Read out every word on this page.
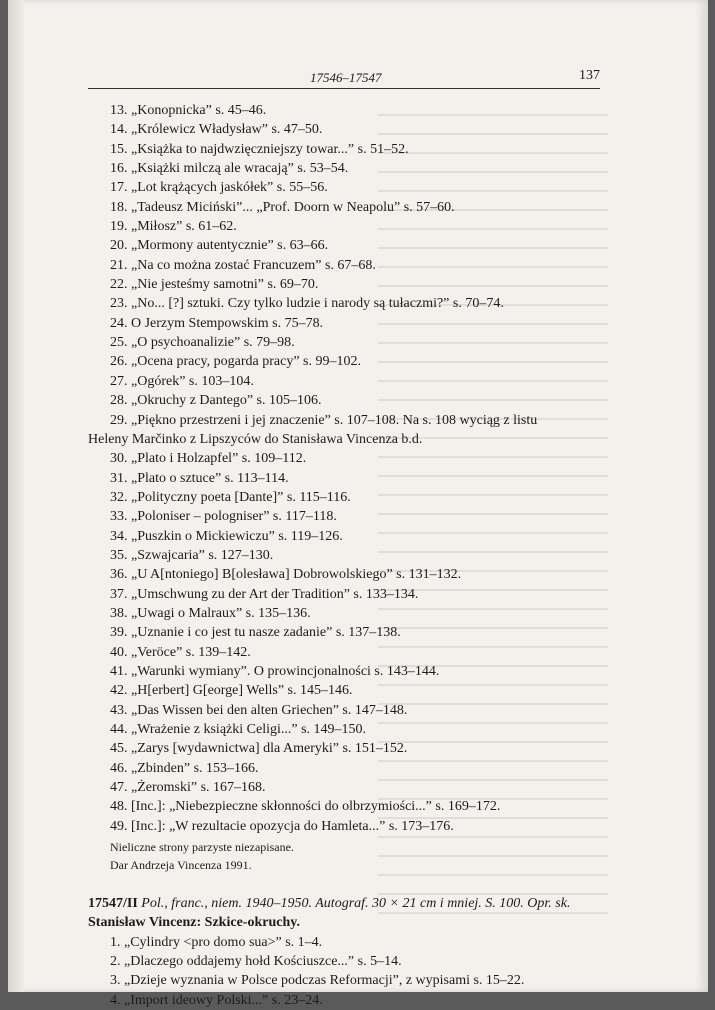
17546–17547	137
13. „Konopnicka” s. 45–46.
14. „Królewicz Władysław” s. 47–50.
15. „Książka to najdwzięczniejszy towar...” s. 51–52.
16. „Książki milczą ale wracają” s. 53–54.
17. „Lot krążących jaskółek” s. 55–56.
18. „Tadeusz Miciński”... „Prof. Doorn w Neapolu” s. 57–60.
19. „Miłosz” s. 61–62.
20. „Mormony autentycznie” s. 63–66.
21. „Na co można zostać Francuzem” s. 67–68.
22. „Nie jesteśmy samotni” s. 69–70.
23. „No... [?] sztuki. Czy tylko ludzie i narody są tułaczmi?” s. 70–74.
24. O Jerzym Stempowskim s. 75–78.
25. „O psychoanalizie” s. 79–98.
26. „Ocena pracy, pogarda pracy” s. 99–102.
27. „Ogórek” s. 103–104.
28. „Okruchy z Dantego” s. 105–106.
29. „Piękno przestrzeni i jej znaczenie” s. 107–108. Na s. 108 wyciąg z listu
Heleny Marčinko z Lipszyców do Stanisława Vincenza b.d.
30. „Plato i Holzapfel” s. 109–112.
31. „Plato o sztuce” s. 113–114.
32. „Polityczny poeta [Dante]” s. 115–116.
33. „Poloniser – pologniser” s. 117–118.
34. „Puszkin o Mickiewiczu” s. 119–126.
35. „Szwajcaria” s. 127–130.
36. „U A[ntoniego] B[olesława] Dobrowolskiego” s. 131–132.
37. „Umschwung zu der Art der Tradition” s. 133–134.
38. „Uwagi o Malraux” s. 135–136.
39. „Uznanie i co jest tu nasze zadanie” s. 137–138.
40. „Veröce” s. 139–142.
41. „Warunki wymiany”. O prowincjonalności s. 143–144.
42. „H[erbert] G[eorge] Wells” s. 145–146.
43. „Das Wissen bei den alten Griechen” s. 147–148.
44. „Wrażenie z książki Celigi...” s. 149–150.
45. „Zarys [wydawnictwa] dla Ameryki” s. 151–152.
46. „Zbinden” s. 153–166.
47. „Żeromski” s. 167–168.
48. [Inc.]: „Niebezpieczne skłonności do olbrzymiości...” s. 169–172.
49. [Inc.]: „W rezultacie opozycja do Hamleta...” s. 173–176.
Nieliczne strony parzyste niezapisane.
Dar Andrzeja Vincenza 1991.
17547/II Pol., franc., niem. 1940–1950. Autograf. 30 × 21 cm i mniej. S. 100. Opr. sk.
Stanisław Vincenz: Szkice-okruchy.
1. „Cylindry <pro domo sua>” s. 1–4.
2. „Dlaczego oddajemy hołd Kościuszce...” s. 5–14.
3. „Dzieje wyznania w Polsce podczas Reformacji”, z wypisami s. 15–22.
4. „Import ideowy Polski...” s. 23–24.
